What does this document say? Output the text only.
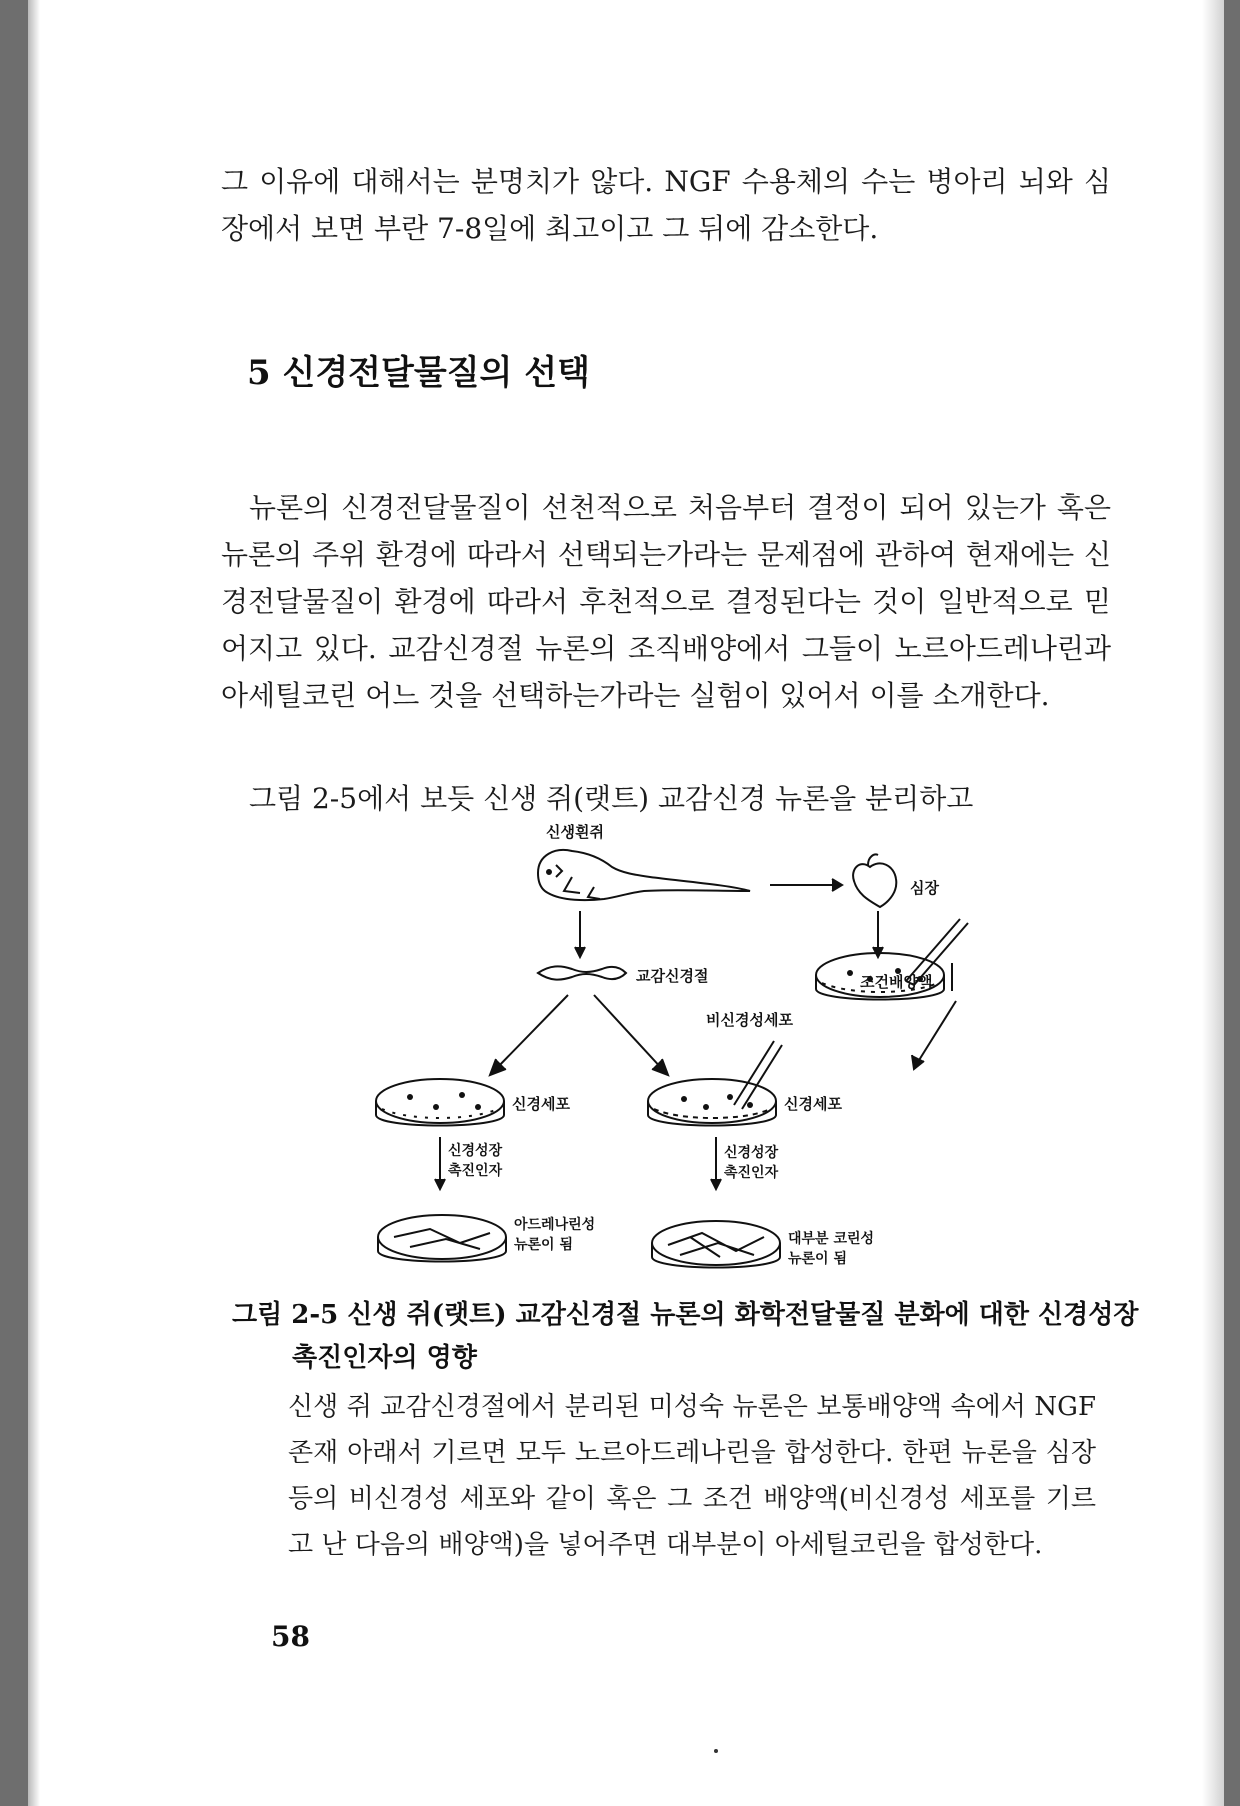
그 이유에 대해서는 분명치가 않다. NGF 수용체의 수는 병아리 뇌와 심장에서 보면 부란 7-8일에 최고이고 그 뒤에 감소한다.

5 신경전달물질의 선택

뉴론의 신경전달물질이 선천적으로 처음부터 결정이 되어 있는가 혹은 뉴론의 주위 환경에 따라서 선택되는가라는 문제점에 관하여 현재에는 신경전달물질이 환경에 따라서 후천적으로 결정된다는 것이 일반적으로 믿어지고 있다. 교감신경절 뉴론의 조직배양에서 그들이 노르아드레나린과 아세틸코린 어느 것을 선택하는가라는 실험이 있어서 이를 소개한다.

그림 2-5에서 보듯 신생 쥐(랫트) 교감신경 뉴론을 분리하고

신생흰쥐
심장
교감신경절	조건배양액
비신경성세포
신경세포	신경세포
신경성장
촉진인자
신경성장
촉진인자
아드레나린성
뉴론이 됨	대부분 코린성
뉴론이 됨

그림 2-5 신생 쥐(랫트) 교감신경절 뉴론의 화학전달물질 분화에 대한 신경성장 촉진인자의 영향

신생 쥐 교감신경절에서 분리된 미성숙 뉴론은 보통배양액 속에서 NGF 존재 아래서 기르면 모두 노르아드레나린을 합성한다. 한편 뉴론을 심장 등의 비신경성 세포와 같이 혹은 그 조건 배양액(비신경성 세포를 기르고 난 다음의 배양액)을 넣어주면 대부분이 아세틸코린을 합성한다.

58
